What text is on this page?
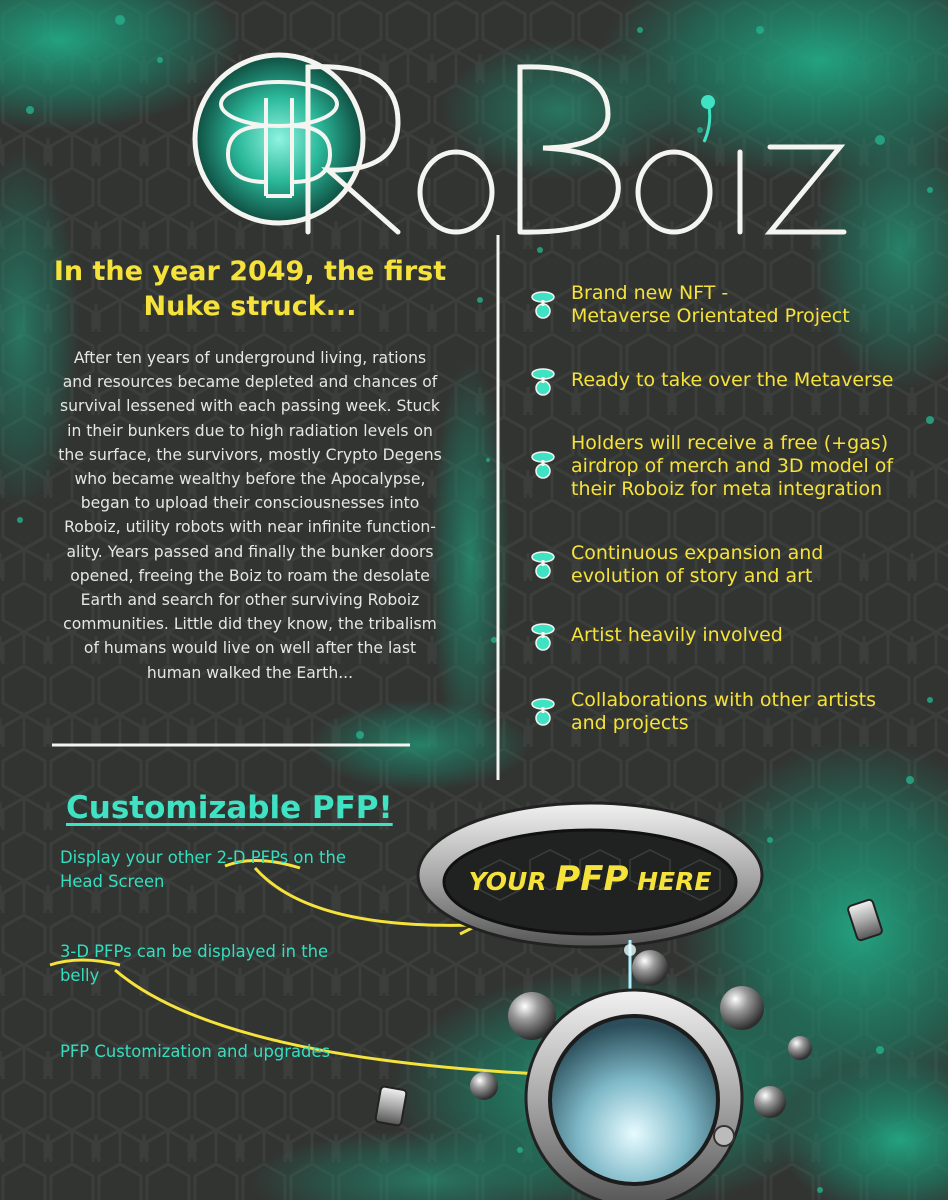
In the year 2049, the first
Nuke struck...

After ten years of underground living, rations
and resources became depleted and chances of
survival lessened with each passing week. Stuck
in their bunkers due to high radiation levels on
the surface, the survivors, mostly Crypto Degens
who became wealthy before the Apocalypse,
began to upload their consciousnesses into
Roboiz, utility robots with near infinite function-
ality. Years passed and finally the bunker doors
opened, freeing the Boiz to roam the desolate
Earth and search for other surviving Roboiz
communities. Little did they know, the tribalism
of humans would live on well after the last
human walked the Earth...

Brand new NFT -
Metaverse Orientated Project
Ready to take over the Metaverse
Holders will receive a free (+gas)
airdrop of merch and 3D model of
their Roboiz for meta integration
Continuous expansion and
evolution of story and art
Artist heavily involved
Collaborations with other artists
and projects
Customizable PFP!

Display your other 2-D PFPs on the
Head Screen

3-D PFPs can be displayed in the
belly

PFP Customization and upgrades

YOUR PFP HERE
